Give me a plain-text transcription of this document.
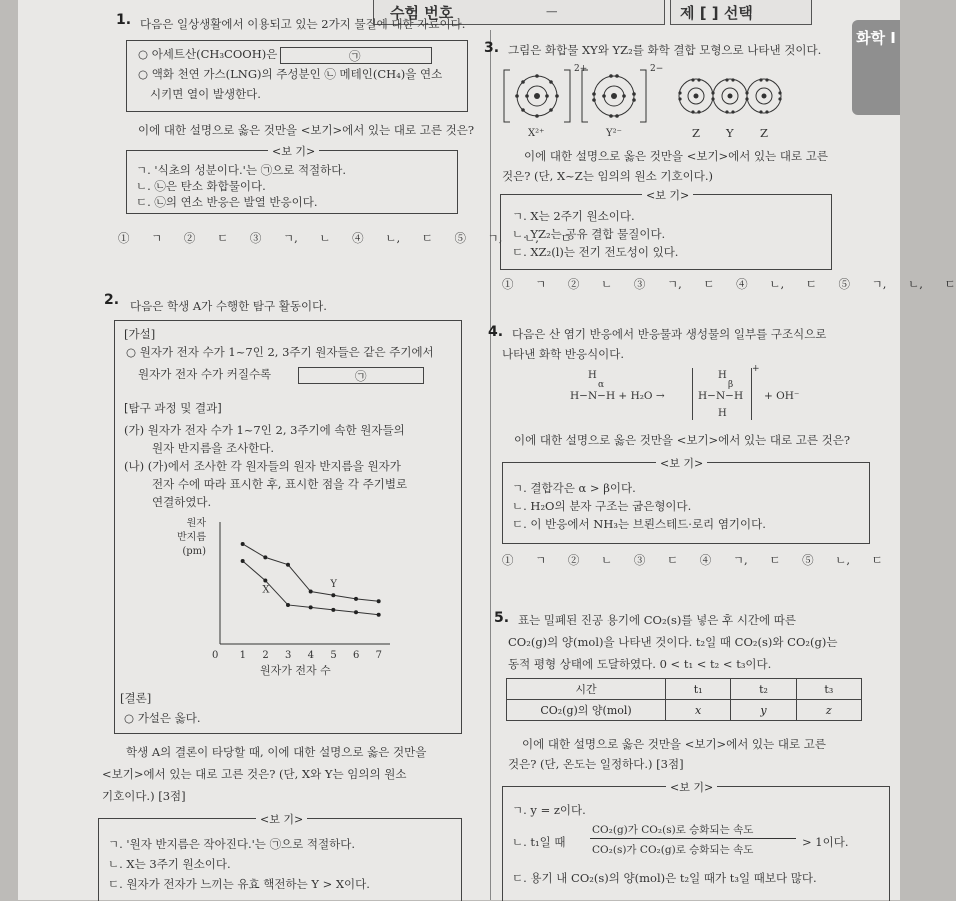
수험 번호	—	제 [ ] 선택
화학 I
1. 다음은 일상생활에서 이용되고 있는 2가지 물질에 대한 자료이다.
○ 아세트산(CH₃COOH)은	㉠
○ 액화 천연 가스(LNG)의 주성분인 ㉡ 메테인(CH₄)을 연소
시키면 열이 발생한다.
이에 대한 설명으로 옳은 것만을 <보기>에서 있는 대로 고른 것은?
<보 기>
ㄱ. '식초의 성분이다.'는 ㉠으로 적절하다.
ㄴ. ㉡은 탄소 화합물이다.
ㄷ. ㉡의 연소 반응은 발열 반응이다.
① ㄱ ② ㄷ ③ ㄱ, ㄴ ④ ㄴ, ㄷ ⑤ ㄱ, ㄴ, ㄷ
2. 다음은 학생 A가 수행한 탐구 활동이다.
[가설]
○ 원자가 전자 수가 1~7인 2, 3주기 원자들은 같은 주기에서
원자가 전자 수가 커질수록	㉠
[탐구 과정 및 결과]
(가) 원자가 전자 수가 1~7인 2, 3주기에 속한 원자들의
원자 반지름을 조사한다.
(나) (가)에서 조사한 각 원자들의 원자 반지름을 원자가
전자 수에 따라 표시한 후, 표시한 점을 각 주기별로
연결하였다.
0 1 2 3 4 5 6 7
원자가 전자 수
원자
반지름
(pm)
Y
X
[결론]
○ 가설은 옳다.
학생 A의 결론이 타당할 때, 이에 대한 설명으로 옳은 것만을
<보기>에서 있는 대로 고른 것은? (단, X와 Y는 임의의 원소
기호이다.) [3점]
<보 기>
ㄱ. '원자 반지름은 작아진다.'는 ㉠으로 적절하다.
ㄴ. X는 3주기 원소이다.
ㄷ. 원자가 전자가 느끼는 유효 핵전하는 Y > X이다.
3. 그림은 화합물 XY와 YZ₂를 화학 결합 모형으로 나타낸 것이다.
2+	2−
X²⁺	Y²⁻	Z Y Z
이에 대한 설명으로 옳은 것만을 <보기>에서 있는 대로 고른
것은? (단, X~Z는 임의의 원소 기호이다.)
<보 기>
ㄱ. X는 2주기 원소이다.
ㄴ. YZ₂는 공유 결합 물질이다.
ㄷ. XZ₂(l)는 전기 전도성이 있다.
① ㄱ ② ㄴ ③ ㄱ, ㄷ ④ ㄴ, ㄷ ⑤ ㄱ, ㄴ, ㄷ
4. 다음은 산 염기 반응에서 반응물과 생성물의 일부를 구조식으로
나타낸 화학 반응식이다.
H
α
H−N−H + H₂O →
H
β
H−N−H
H
+
+ OH⁻
이에 대한 설명으로 옳은 것만을 <보기>에서 있는 대로 고른 것은?
<보 기>
ㄱ. 결합각은 α > β이다.
ㄴ. H₂O의 분자 구조는 굽은형이다.
ㄷ. 이 반응에서 NH₃는 브뢴스테드·로리 염기이다.
① ㄱ ② ㄴ ③ ㄷ ④ ㄱ, ㄷ ⑤ ㄴ, ㄷ
5. 표는 밀폐된 진공 용기에 CO₂(s)를 넣은 후 시간에 따른
CO₂(g)의 양(mol)을 나타낸 것이다. t₂일 때 CO₂(s)와 CO₂(g)는
동적 평형 상태에 도달하였다. 0 < t₁ < t₂ < t₃이다.
시간	t₁	t₂	t₃
CO₂(g)의 양(mol)	x	y	z
이에 대한 설명으로 옳은 것만을 <보기>에서 있는 대로 고른
것은? (단, 온도는 일정하다.) [3점]
<보 기>
ㄱ. y = z이다.
ㄴ. t₁일 때
CO₂(g)가 CO₂(s)로 승화되는 속도
CO₂(s)가 CO₂(g)로 승화되는 속도
> 1이다.
ㄷ. 용기 내 CO₂(s)의 양(mol)은 t₂일 때가 t₃일 때보다 많다.
